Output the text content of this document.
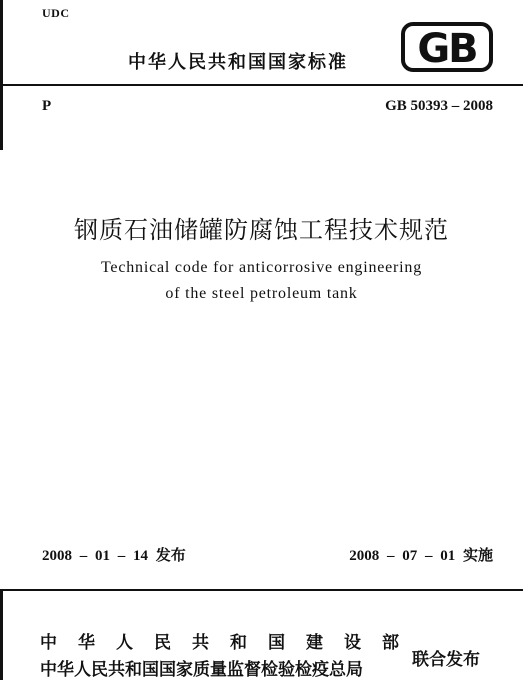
UDC
中华人民共和国国家标准 GB
P	GB 50393 – 2008
钢质石油储罐防腐蚀工程技术规范
Technical code for anticorrosive engineering
of the steel petroleum tank
2008 – 01 – 14 发布	2008 – 07 – 01 实施
中华人民共和国建设部
中华人民共和国国家质量监督检验检疫总局	联合发布
